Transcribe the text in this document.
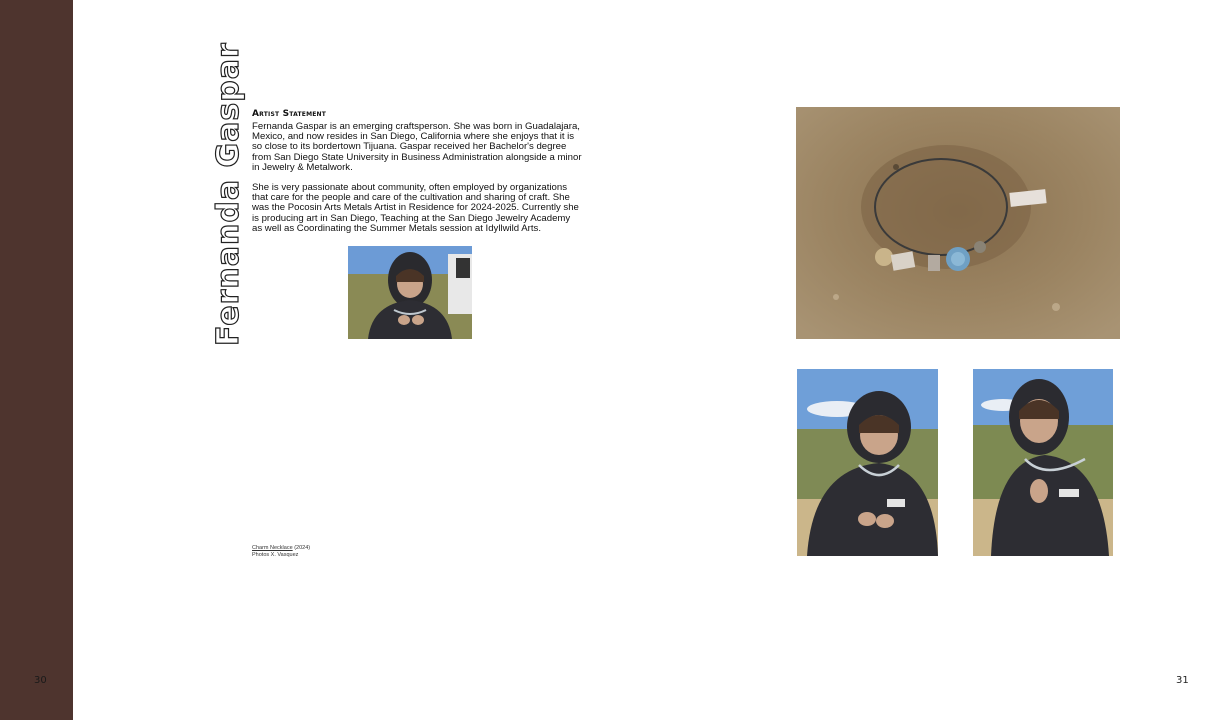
30	31
Fernanda Gaspar Artist Statement

Fernanda Gaspar is an emerging craftsperson. She was born in Guadalajara, Mexico, and now resides in San Diego, California where she enjoys that it is so close to its bordertown Tijuana. Gaspar received her Bachelor's degree from San Diego State University in Business Administration alongside a minor in Jewelry & Metalwork.

She is very passionate about community, often employed by organizations that care for the people and care of the cultivation and sharing of craft. She was the Pocosin Arts Metals Artist in Residence for 2024-2025. Currently she is producing art in San Diego, Teaching at the San Diego Jewelry Academy as well as Coordinating the Summer Metals session at Idyllwild Arts.

Charm Necklace (2024)
Photos X. Vasquez
